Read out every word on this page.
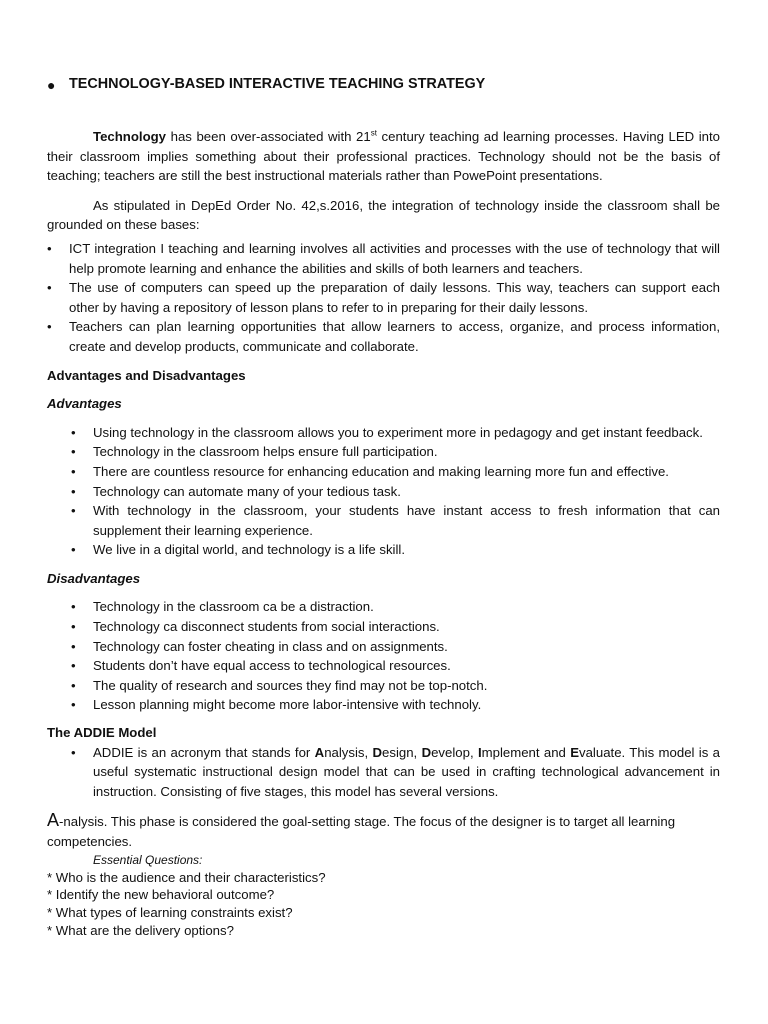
● TECHNOLOGY-BASED INTERACTIVE TEACHING STRATEGY

Technology has been over-associated with 21st century teaching ad learning processes. Having LED into their classroom implies something about their professional practices. Technology should not be the basis of teaching; teachers are still the best instructional materials rather than PowePoint presentations.

As stipulated in DepEd Order No. 42,s.2016, the integration of technology inside the classroom shall be grounded on these bases:

• ICT integration I teaching and learning involves all activities and processes with the use of technology that will help promote learning and enhance the abilities and skills of both learners and teachers.

• The use of computers can speed up the preparation of daily lessons. This way, teachers can support each other by having a repository of lesson plans to refer to in preparing for their daily lessons.

• Teachers can plan learning opportunities that allow learners to access, organize, and process information, create and develop products, communicate and collaborate.

Advantages and Disadvantages

Advantages

• Using technology in the classroom allows you to experiment more in pedagogy and get instant feedback.

• Technology in the classroom helps ensure full participation.

• There are countless resource for enhancing education and making learning more fun and effective.

• Technology can automate many of your tedious task.

• With technology in the classroom, your students have instant access to fresh information that can supplement their learning experience.

• We live in a digital world, and technology is a life skill.

Disadvantages

• Technology in the classroom ca be a distraction.

• Technology ca disconnect students from social interactions.

• Technology can foster cheating in class and on assignments.

• Students don’t have equal access to technological resources.

• The quality of research and sources they find may not be top-notch.

• Lesson planning might become more labor-intensive with technoly.

The ADDIE Model

• ADDIE is an acronym that stands for Analysis, Design, Develop, Implement and Evaluate. This model is a useful systematic instructional design model that can be used in crafting technological advancement in instruction. Consisting of five stages, this model has several versions.

A-nalysis. This phase is considered the goal-setting stage. The focus of the designer is to target all learning competencies.

Essential Questions:

* Who is the audience and their characteristics?

* Identify the new behavioral outcome?

* What types of learning constraints exist?

* What are the delivery options?
